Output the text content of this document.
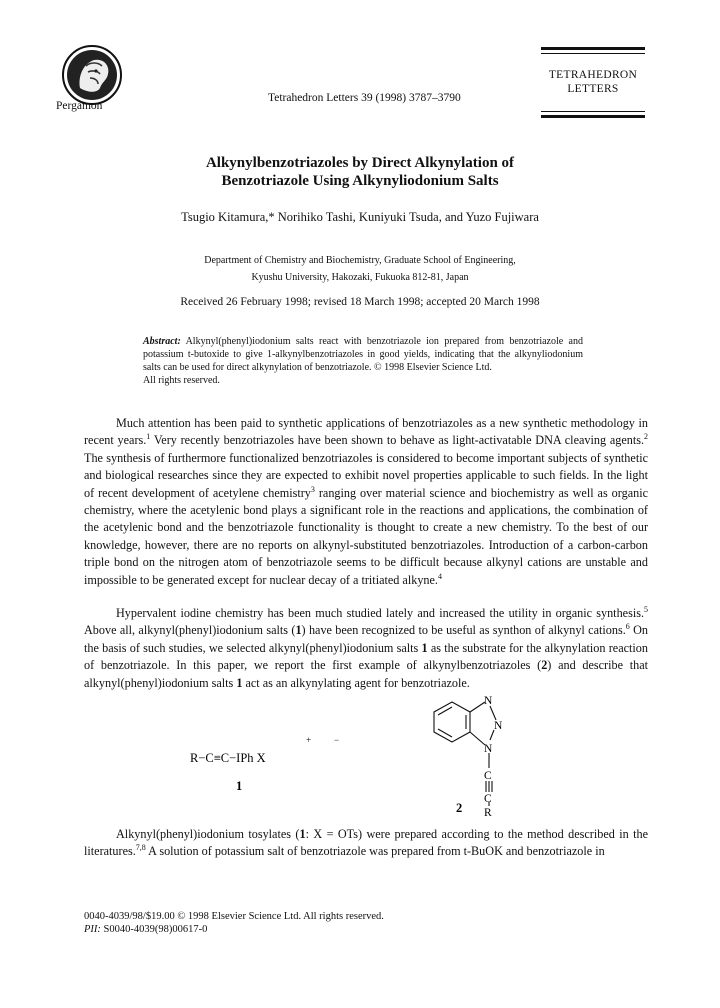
Pergamon
Tetrahedron Letters 39 (1998) 3787–3790
TETRAHEDRON
LETTERS
Alkynylbenzotriazoles by Direct Alkynylation of
Benzotriazole Using Alkynyliodonium Salts
Tsugio Kitamura,* Norihiko Tashi, Kuniyuki Tsuda, and Yuzo Fujiwara
Department of Chemistry and Biochemistry, Graduate School of Engineering,
Kyushu University, Hakozaki, Fukuoka 812-81, Japan
Received 26 February 1998; revised 18 March 1998; accepted 20 March 1998
Abstract: Alkynyl(phenyl)iodonium salts react with benzotriazole ion prepared from benzotriazole and potassium t-butoxide to give 1-alkynylbenzotriazoles in good yields, indicating that the alkynyliodonium salts can be used for direct alkynylation of benzotriazole. © 1998 Elsevier Science Ltd.
All rights reserved.

Much attention has been paid to synthetic applications of benzotriazoles as a new synthetic methodology in recent years.$^1$ Very recently benzotriazoles have been shown to behave as light-activatable DNA cleaving agents.$^2$ The synthesis of furthermore functionalized benzotriazoles is considered to become important subjects of synthetic and biological researches since they are expected to exhibit novel properties applicable to such fields. In the light of recent development of acetylene chemistry$^3$ ranging over material science and biochemistry as well as organic chemistry, where the acetylenic bond plays a significant role in the reactions and applications, the combination of the acetylenic bond and the benzotriazole functionality is thought to create a new chemistry. To the best of our knowledge, however, there are no reports on alkynyl-substituted benzotriazoles. Introduction of a carbon-carbon triple bond on the nitrogen atom of benzotriazole seems to be difficult because alkynyl cations are unstable and impossible to be generated except for nuclear decay of a tritiated alkyne.$^4$

Hypervalent iodine chemistry has been much studied lately and increased the utility in organic synthesis.$^5$ Above all, alkynyl(phenyl)iodonium salts (1) have been recognized to be useful as synthon of alkynyl cations.$^6$ On the basis of such studies, we selected alkynyl(phenyl)iodonium salts 1 as the substrate for the alkynylation reaction of benzotriazole. In this paper, we report the first example of alkynylbenzotriazoles (2) and describe that alkynyl(phenyl)iodonium salts 1 act as an alkynylating agent for benzotriazole.

+	−
R−C≡C−IPh X
1
N
N
N
C
C
R
2

Alkynyl(phenyl)iodonium tosylates (1: X = OTs) were prepared according to the method described in the literatures.$^{7,8}$ A solution of potassium salt of benzotriazole was prepared from t-BuOK and benzotriazole in

0040-4039/98/$19.00 © 1998 Elsevier Science Ltd. All rights reserved.
PII: S0040-4039(98)00617-0
